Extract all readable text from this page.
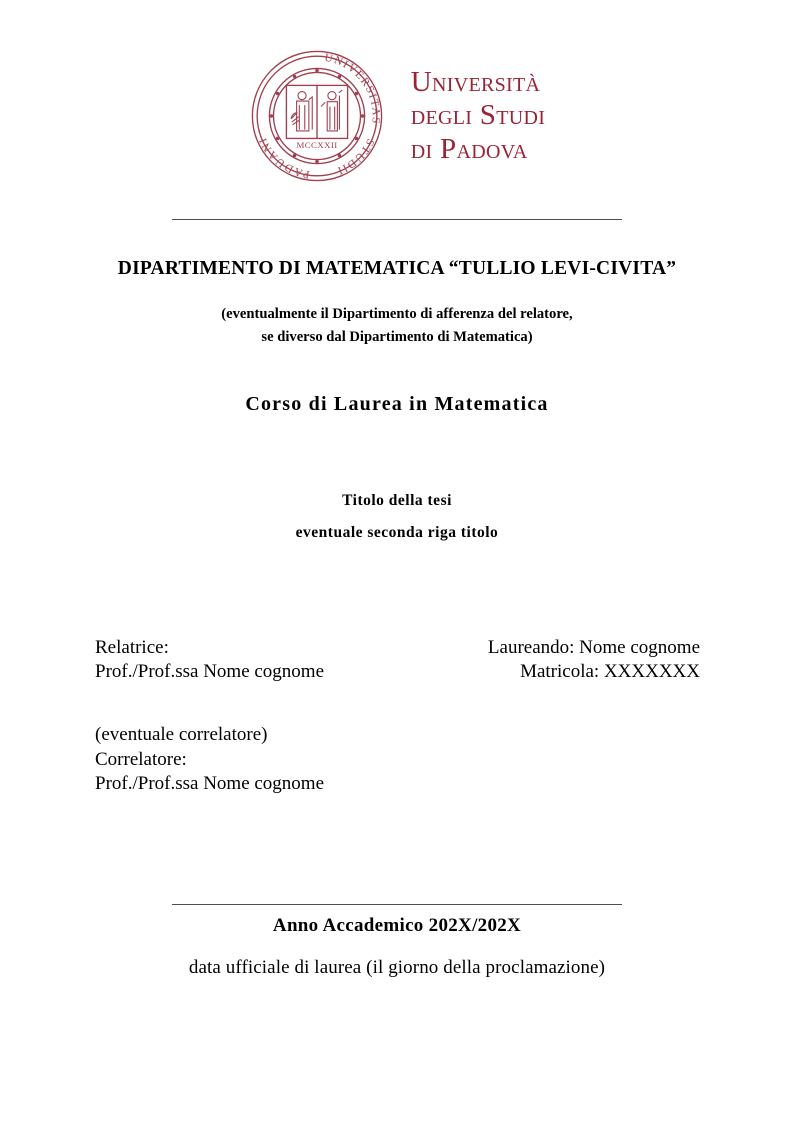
UNIVERSITAS · STUDII
PADUANI ·
MCCXXII
Università
degli Studi
di Padova
DIPARTIMENTO DI MATEMATICA “TULLIO LEVI-CIVITA”
(eventualmente il Dipartimento di afferenza del relatore,
se diverso dal Dipartimento di Matematica)
Corso di Laurea in Matematica
Titolo della tesi
eventuale seconda riga titolo
Relatrice:
Prof./Prof.ssa Nome cognome
Laureando: Nome cognome
Matricola: XXXXXXX
(eventuale correlatore)
Correlatore:
Prof./Prof.ssa Nome cognome
Anno Accademico 202X/202X
data ufficiale di laurea (il giorno della proclamazione)
